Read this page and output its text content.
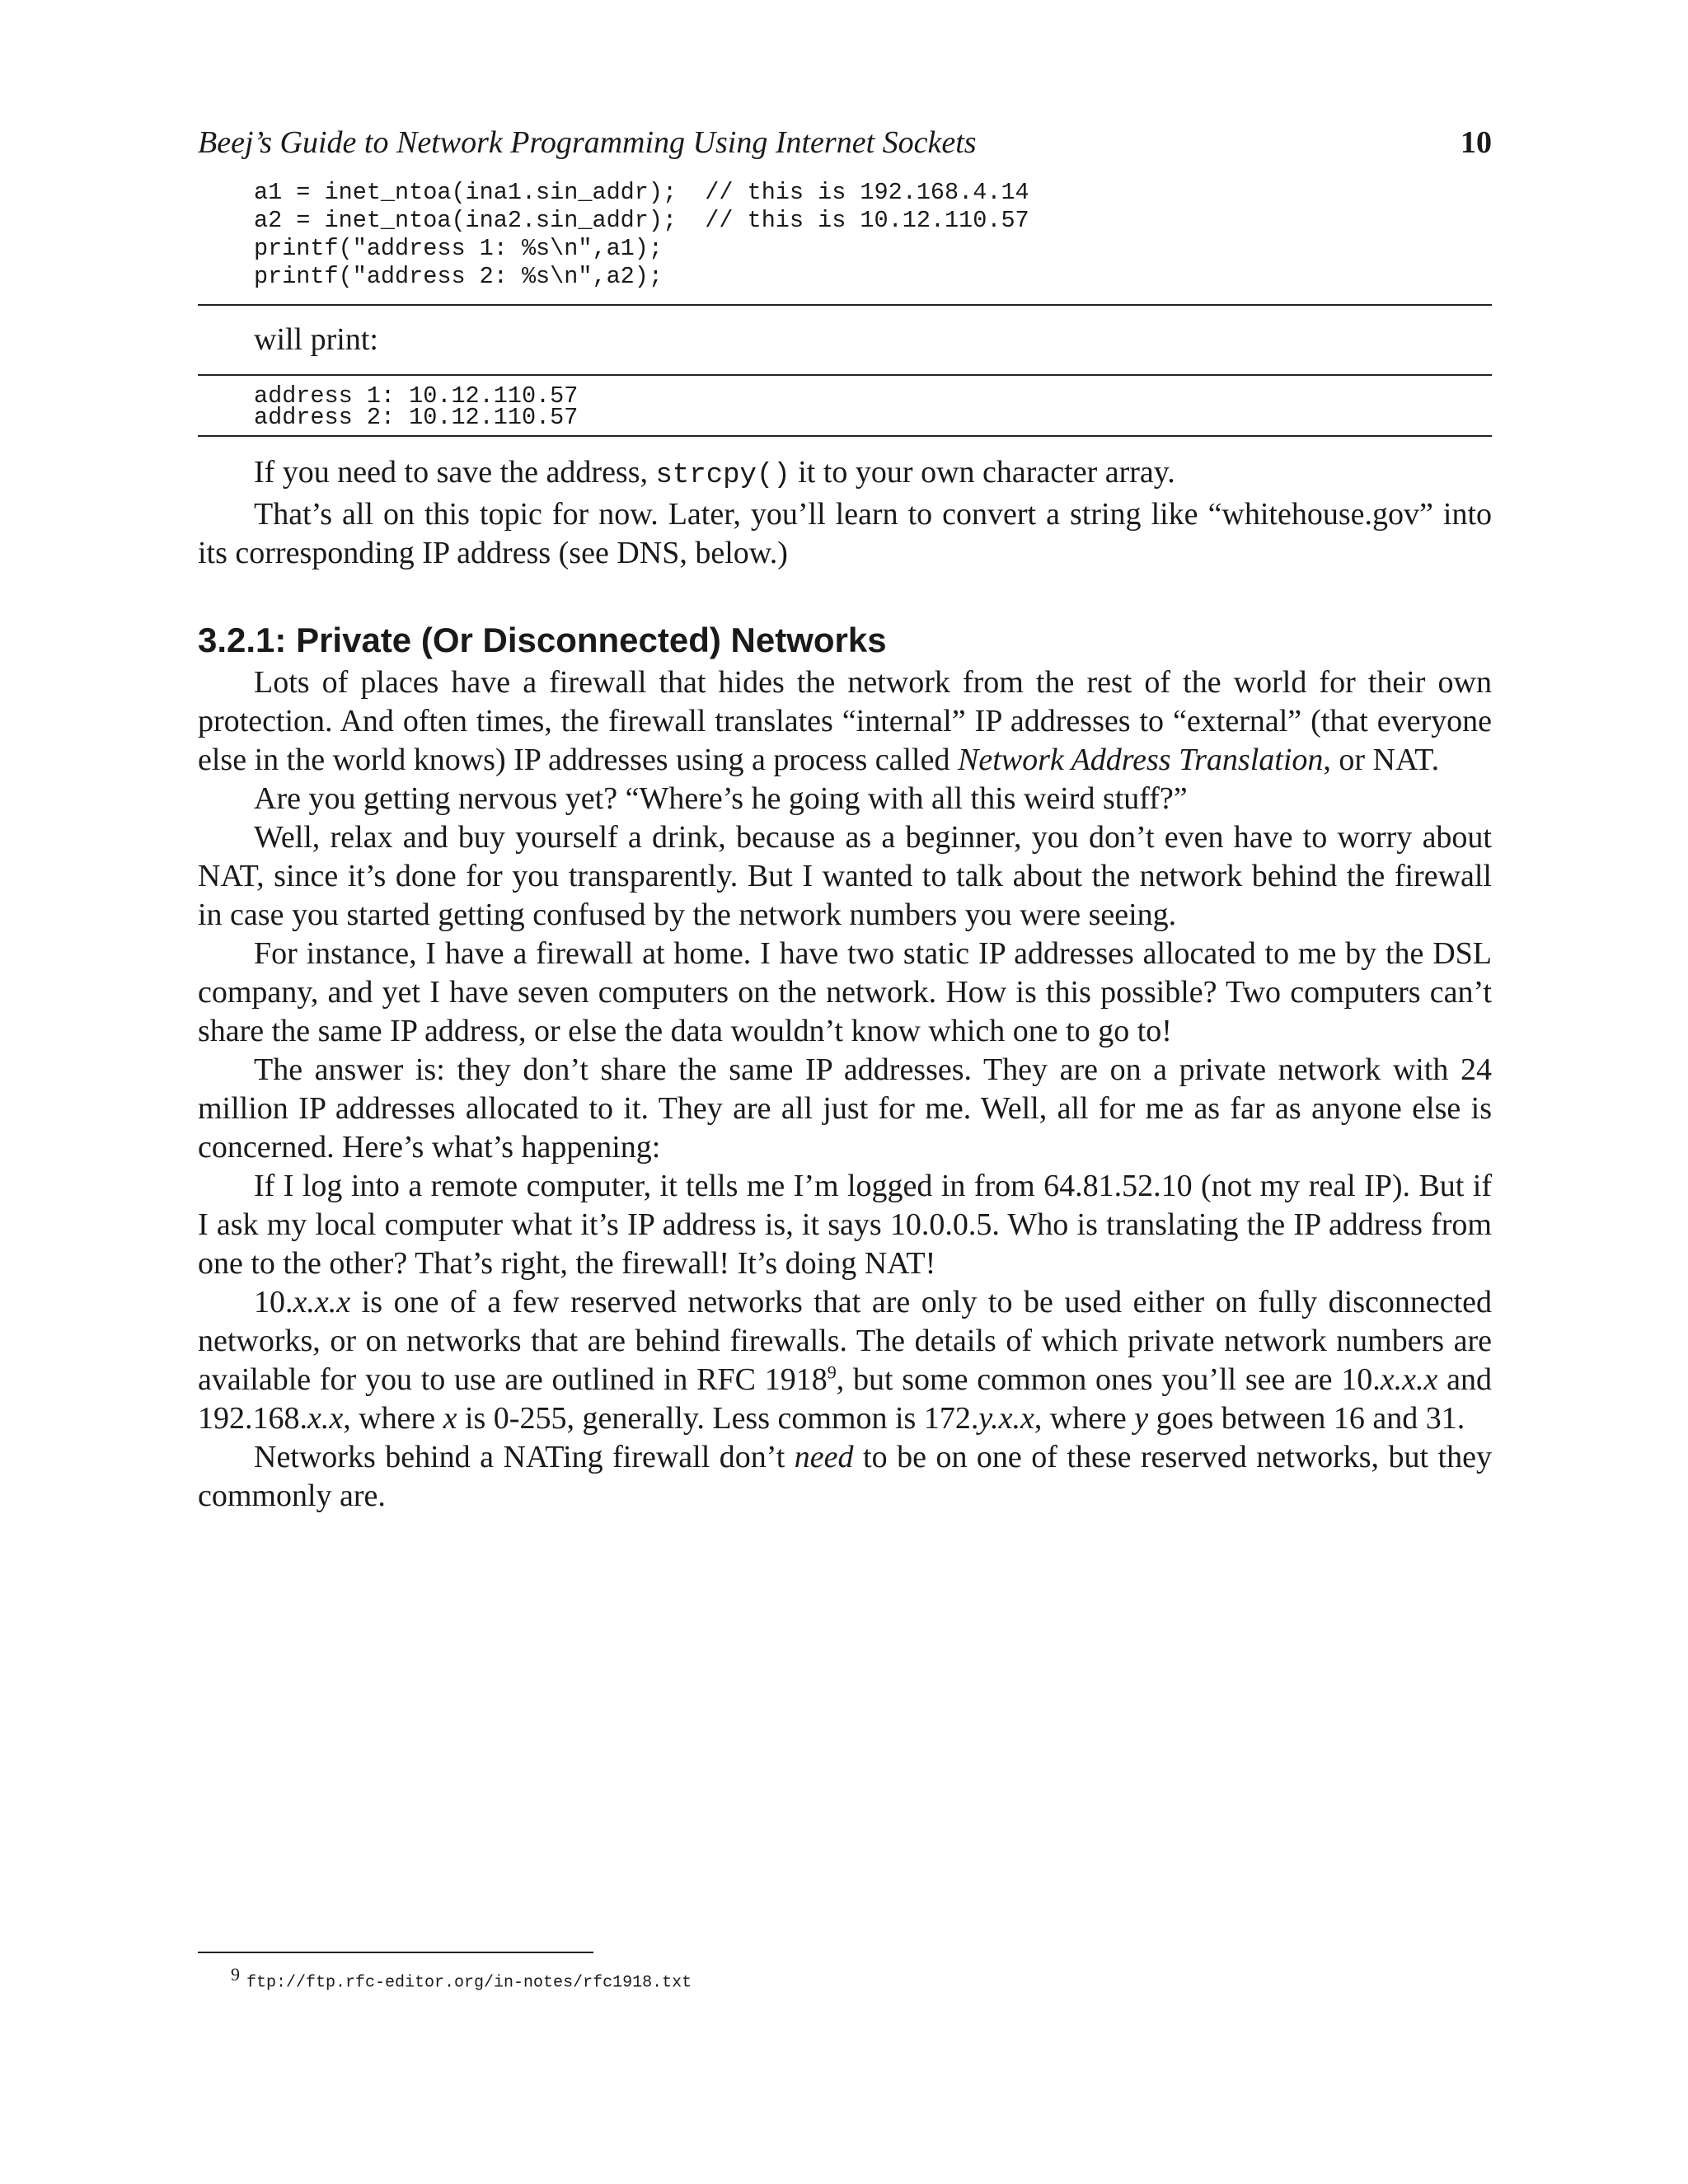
Beej’s Guide to Network Programming Using Internet Sockets	10
a1 = inet_ntoa(ina1.sin_addr);  // this is 192.168.4.14
a2 = inet_ntoa(ina2.sin_addr);  // this is 10.12.110.57
printf("address 1: %s\n",a1);
printf("address 2: %s\n",a2);

will print:

address 1: 10.12.110.57
address 2: 10.12.110.57

If you need to save the address, strcpy() it to your own character array.

That’s all on this topic for now. Later, you’ll learn to convert a string like “whitehouse.gov” into its corresponding IP address (see DNS, below.)

3.2.1: Private (Or Disconnected) Networks

Lots of places have a firewall that hides the network from the rest of the world for their own protection. And often times, the firewall translates “internal” IP addresses to “external” (that everyone else in the world knows) IP addresses using a process called Network Address Translation, or NAT.

Are you getting nervous yet? “Where’s he going with all this weird stuff?”

Well, relax and buy yourself a drink, because as a beginner, you don’t even have to worry about NAT, since it’s done for you transparently. But I wanted to talk about the network behind the firewall in case you started getting confused by the network numbers you were seeing.

For instance, I have a firewall at home. I have two static IP addresses allocated to me by the DSL company, and yet I have seven computers on the network. How is this possible? Two computers can’t share the same IP address, or else the data wouldn’t know which one to go to!

The answer is: they don’t share the same IP addresses. They are on a private network with 24 million IP addresses allocated to it. They are all just for me. Well, all for me as far as anyone else is concerned. Here’s what’s happening:

If I log into a remote computer, it tells me I’m logged in from 64.81.52.10 (not my real IP). But if I ask my local computer what it’s IP address is, it says 10.0.0.5. Who is translating the IP address from one to the other? That’s right, the firewall! It’s doing NAT!

10.x.x.x is one of a few reserved networks that are only to be used either on fully disconnected networks, or on networks that are behind firewalls. The details of which private network numbers are available for you to use are outlined in RFC 1918$^9$, but some common ones you’ll see are 10.x.x.x and 192.168.x.x, where x is 0-255, generally. Less common is 172.y.x.x, where y goes between 16 and 31.

Networks behind a NATing firewall don’t need to be on one of these reserved networks, but they commonly are.

9 ftp://ftp.rfc-editor.org/in-notes/rfc1918.txt
